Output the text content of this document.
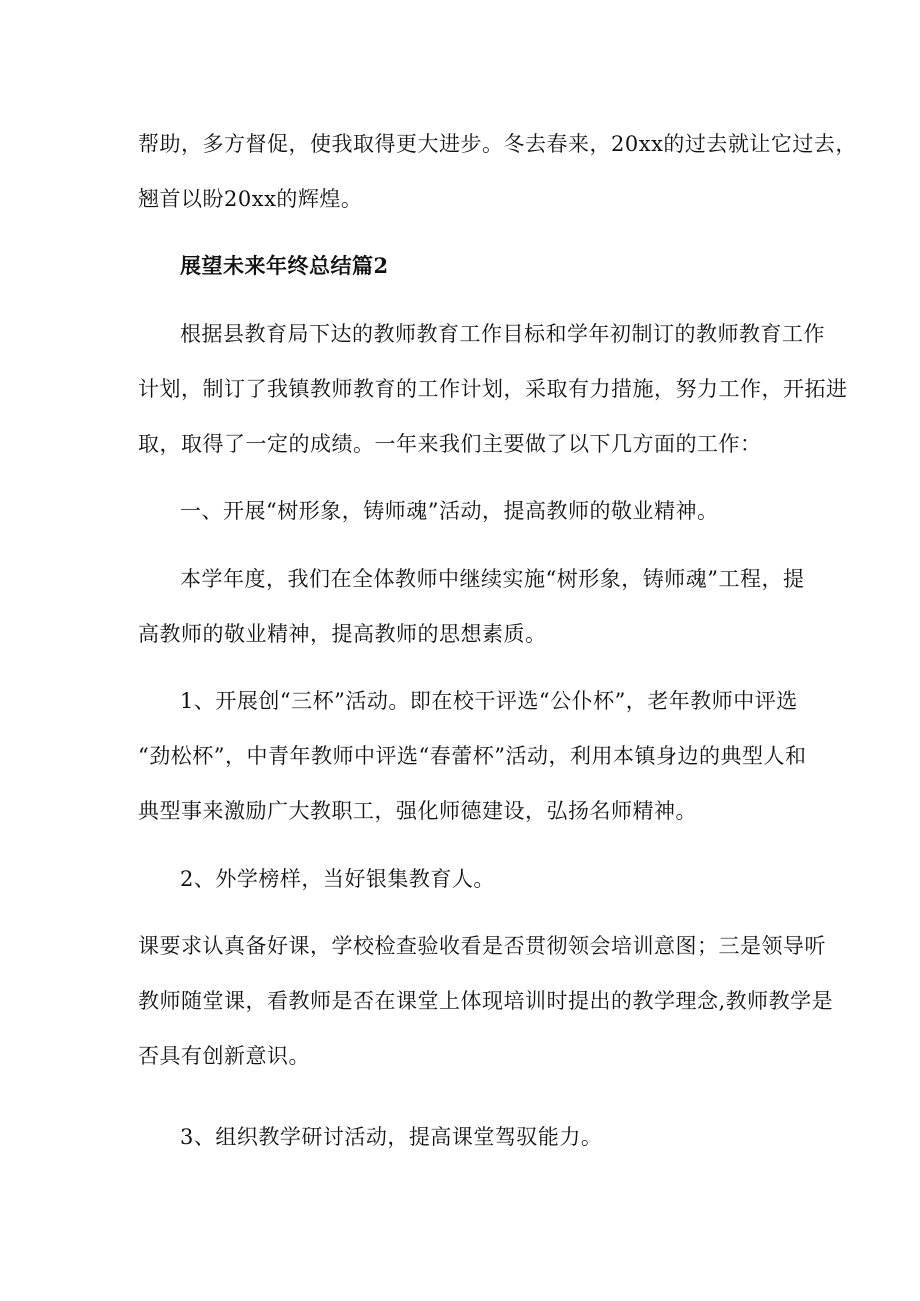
帮助，多方督促，使我取得更大进步。冬去春来，20xx的过去就让它过去，
翘首以盼20xx的辉煌。
展望未来年终总结篇2
根据县教育局下达的教师教育工作目标和学年初制订的教师教育工作
计划，制订了我镇教师教育的工作计划，采取有力措施，努力工作，开拓进
取，取得了一定的成绩。一年来我们主要做了以下几方面的工作：
一、开展“树形象，铸师魂”活动，提高教师的敬业精神。
本学年度，我们在全体教师中继续实施“树形象，铸师魂”工程，提
高教师的敬业精神，提高教师的思想素质。
1、开展创“三杯”活动。即在校干评选“公仆杯”，老年教师中评选
“劲松杯”，中青年教师中评选“春蕾杯”活动，利用本镇身边的典型人和
典型事来激励广大教职工，强化师德建设，弘扬名师精神。
2、外学榜样，当好银集教育人。
课要求认真备好课，学校检查验收看是否贯彻领会培训意图；三是领导听
教师随堂课，看教师是否在课堂上体现培训时提出的教学理念,教师教学是
否具有创新意识。
3、组织教学研讨活动，提高课堂驾驭能力。
